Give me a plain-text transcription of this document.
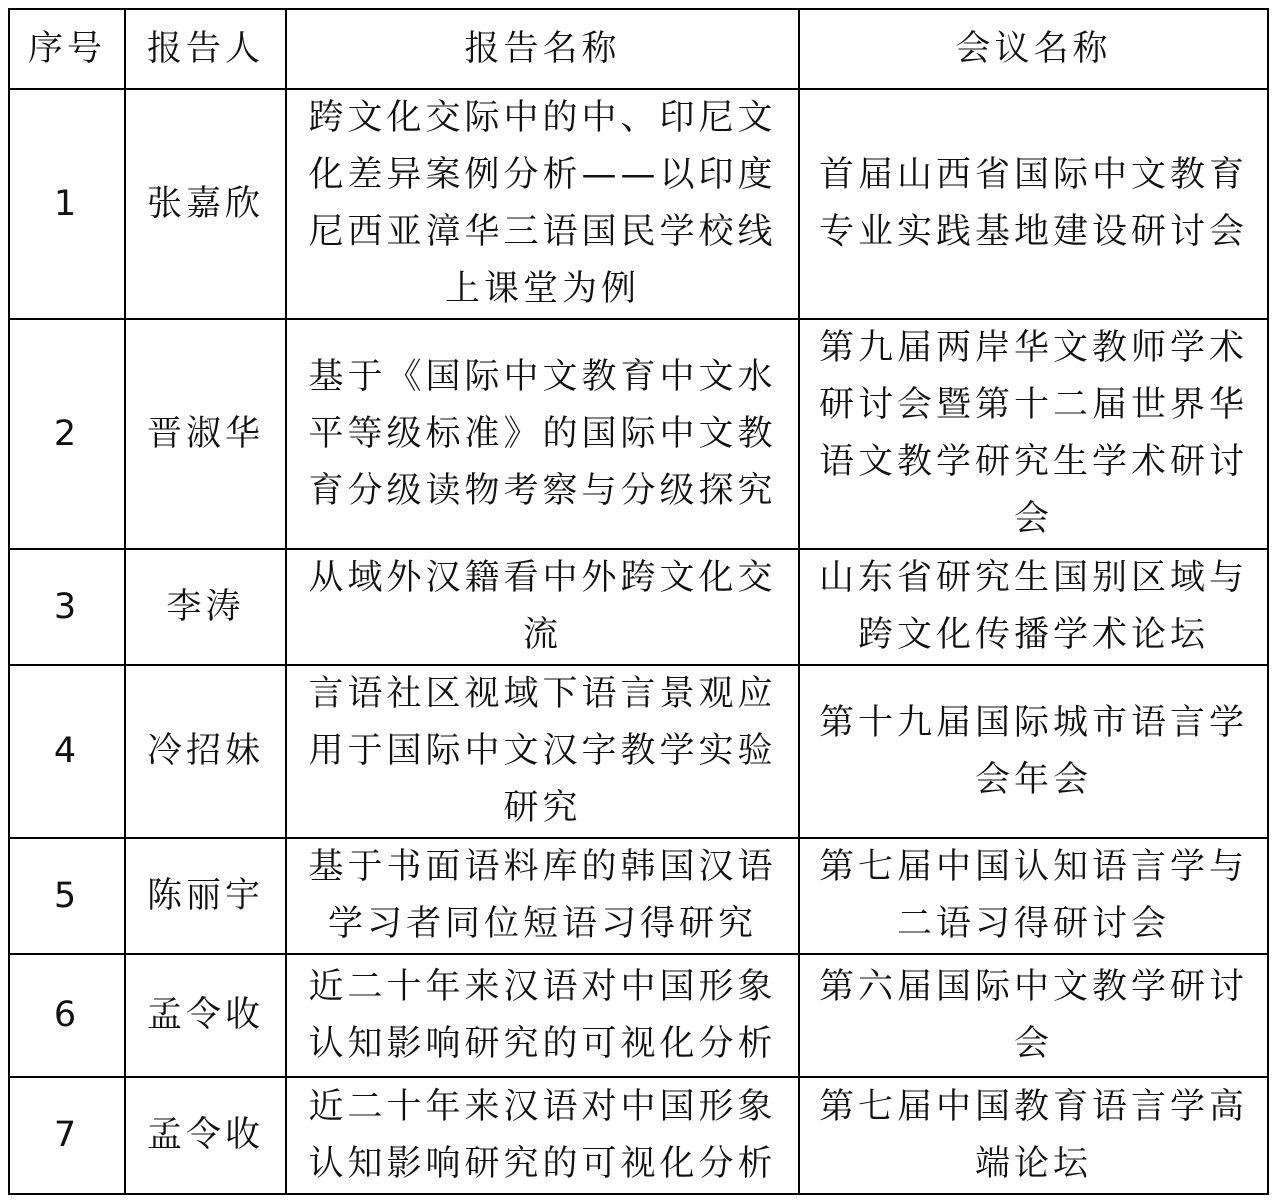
序号	报告人	报告名称	会议名称
1	张嘉欣	跨文化交际中的中、印尼文化差异案例分析——以印度尼西亚漳华三语国民学校线上课堂为例	首届山西省国际中文教育专业实践基地建设研讨会
2	晋淑华	基于《国际中文教育中文水平等级标准》的国际中文教育分级读物考察与分级探究	第九届两岸华文教师学术研讨会暨第十二届世界华语文教学研究生学术研讨会
3	李涛	从域外汉籍看中外跨文化交流	山东省研究生国别区域与跨文化传播学术论坛
4	冷招妹	言语社区视域下语言景观应用于国际中文汉字教学实验研究	第十九届国际城市语言学会年会
5	陈丽宇	基于书面语料库的韩国汉语学习者同位短语习得研究	第七届中国认知语言学与二语习得研讨会
6	孟令收	近二十年来汉语对中国形象认知影响研究的可视化分析	第六届国际中文教学研讨会
7	孟令收	近二十年来汉语对中国形象认知影响研究的可视化分析	第七届中国教育语言学高端论坛
